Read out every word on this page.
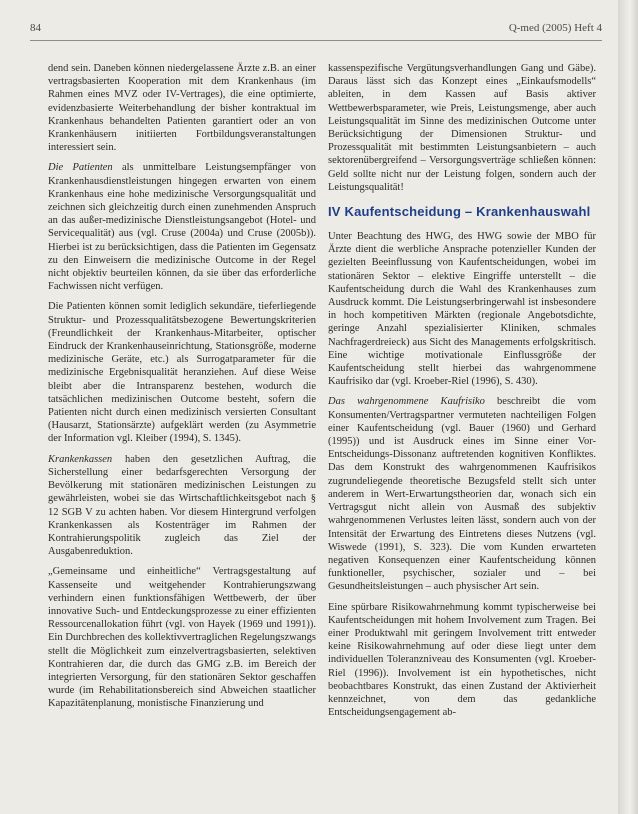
84	Q-med (2005) Heft 4

dend sein. Daneben können niedergelassene Ärzte z.B. an einer vertragsbasierten Kooperation mit dem Krankenhaus (im Rahmen eines MVZ oder IV-Vertrages), die eine optimierte, evidenzbasierte Weiterbehandlung der bisher kontraktual im Krankenhaus behandelten Patienten garantiert oder an von Krankenhäusern initiierten Fortbildungsveranstaltungen interessiert sein.

Die Patienten als unmittelbare Leistungsempfänger von Krankenhausdienstleistungen hingegen erwarten von einem Krankenhaus eine hohe medizinische Versorgungsqualität und zeichnen sich gleichzeitig durch einen zunehmenden Anspruch an das außer-medizinische Dienstleistungsangebot (Hotel- und Servicequalität) aus (vgl. Cruse (2004a) und Cruse (2005b)). Hierbei ist zu berücksichtigen, dass die Patienten im Gegensatz zu den Einweisern die medizinische Outcome in der Regel nicht objektiv beurteilen können, da sie über das erforderliche Fachwissen nicht verfügen.

Die Patienten können somit lediglich sekundäre, tieferliegende Struktur- und Prozessqualitätsbezogene Bewertungskriterien (Freundlichkeit der Krankenhaus-Mitarbeiter, optischer Eindruck der Krankenhauseinrichtung, Stationsgröße, moderne medizinische Geräte, etc.) als Surrogatparameter für die medizinische Ergebnisqualität heranziehen. Auf diese Weise bleibt aber die Intransparenz bestehen, wodurch die tatsächlichen medizinischen Outcome besteht, sofern die Patienten nicht durch einen medizinisch versierten Consultant (Hausarzt, Stationsärzte) aufgeklärt werden (zu Asymmetrie der Information vgl. Kleiber (1994), S. 1345).

Krankenkassen haben den gesetzlichen Auftrag, die Sicherstellung einer bedarfsgerechten Versorgung der Bevölkerung mit stationären medizinischen Leistungen zu gewährleisten, wobei sie das Wirtschaftlichkeitsgebot nach § 12 SGB V zu achten haben. Vor diesem Hintergrund verfolgen Krankenkassen als Kostenträger im Rahmen der Kontrahierungspolitik zugleich das Ziel der Ausgabenreduktion.

„Gemeinsame und einheitliche“ Vertragsgestaltung auf Kassenseite und weitgehender Kontrahierungszwang verhindern einen funktionsfähigen Wettbewerb, der über innovative Such- und Entdeckungsprozesse zu einer effizienten Ressourcenallokation führt (vgl. von Hayek (1969 und 1991)). Ein Durchbrechen des kollektivvertraglichen Regelungszwangs stellt die Möglichkeit zum einzelvertragsbasierten, selektiven Kontrahieren dar, die durch das GMG z.B. im Bereich der integrierten Versorgung, für den stationären Sektor geschaffen wurde (im Rehabilitationsbereich sind Abweichen staatlicher Kapazitätenplanung, monistische Finanzierung und

kassenspezifische Vergütungsverhandlungen Gang und Gäbe). Daraus lässt sich das Konzept eines „Einkaufsmodells“ ableiten, in dem Kassen auf Basis aktiver Wettbewerbsparameter, wie Preis, Leistungsmenge, aber auch Leistungsqualität im Sinne des medizinischen Outcome unter Berücksichtigung der Dimensionen Struktur- und Prozessqualität mit bestimmten Leistungsanbietern – auch sektorenübergreifend – Versorgungsverträge schließen können: Geld sollte nicht nur der Leistung folgen, sondern auch der Leistungsqualität!

IV Kaufentscheidung – Krankenhauswahl

Unter Beachtung des HWG, des HWG sowie der MBO für Ärzte dient die werbliche Ansprache potenzieller Kunden der gezielten Beeinflussung von Kaufentscheidungen, wobei im stationären Sektor – elektive Eingriffe unterstellt – die Kaufentscheidung durch die Wahl des Krankenhauses zum Ausdruck kommt. Die Leistungserbringerwahl ist insbesondere in hoch kompetitiven Märkten (regionale Angebotsdichte, geringe Anzahl spezialisierter Kliniken, schmales Nachfragerdreieck) aus Sicht des Managements erfolgskritisch. Eine wichtige motivationale Einflussgröße der Kaufentscheidung stellt hierbei das wahrgenommene Kaufrisiko dar (vgl. Kroeber-Riel (1996), S. 430).

Das wahrgenommene Kaufrisiko beschreibt die vom Konsumenten/Vertragspartner vermuteten nachteiligen Folgen einer Kaufentscheidung (vgl. Bauer (1960) und Gerhard (1995)) und ist Ausdruck eines im Sinne einer Vor-Entscheidungs-Dissonanz auftretenden kognitiven Konfliktes. Das dem Konstrukt des wahrgenommenen Kaufrisikos zugrundeliegende theoretische Bezugsfeld stellt sich unter anderem in Wert-Erwartungstheorien dar, wonach sich ein Vertragsgut nicht allein von Ausmaß des subjektiv wahrgenommenen Verlustes leiten lässt, sondern auch von der Intensität der Erwartung des Eintretens dieses Nutzens (vgl. Wiswede (1991), S. 323). Die vom Kunden erwarteten negativen Konsequenzen einer Kaufentscheidung können funktioneller, psychischer, sozialer und – bei Gesundheitsleistungen – auch physischer Art sein.

Eine spürbare Risikowahrnehmung kommt typischerweise bei Kaufentscheidungen mit hohem Involvement zum Tragen. Bei einer Produktwahl mit geringem Involvement tritt entweder keine Risikowahrnehmung auf oder diese liegt unter dem individuellen Toleranzniveau des Konsumenten (vgl. Kroeber-Riel (1996)). Involvement ist ein hypothetisches, nicht beobachtbares Konstrukt, das einen Zustand der Aktivierheit kennzeichnet, von dem das gedankliche Entscheidungsengagement ab-
